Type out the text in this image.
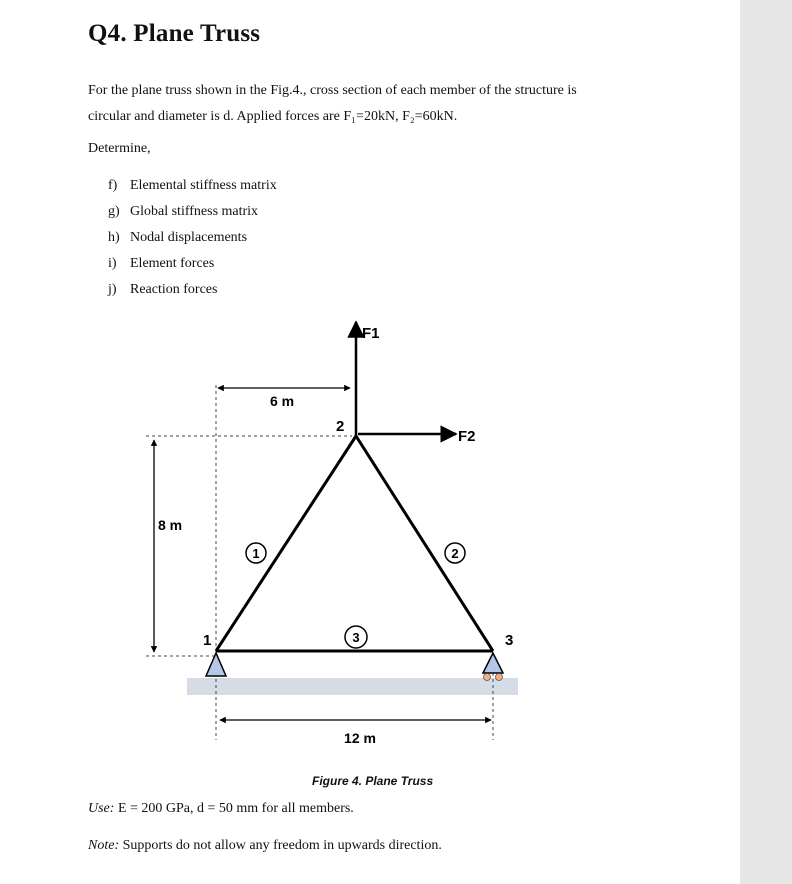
Q4. Plane Truss

For the plane truss shown in the Fig.4., cross section of each member of the structure is

circular and diameter is d. Applied forces are F₁=20kN, F₂=60kN.

Determine,
f) Elemental stiffness matrix
g) Global stiffness matrix
h) Nodal displacements
i) Element forces
j) Reaction forces
6 m
8 m
12 m
F1
F2
1
2
3
1	2
3
Figure 4. Plane Truss
Use: E = 200 GPa, d = 50 mm for all members.
Note: Supports do not allow any freedom in upwards direction.
